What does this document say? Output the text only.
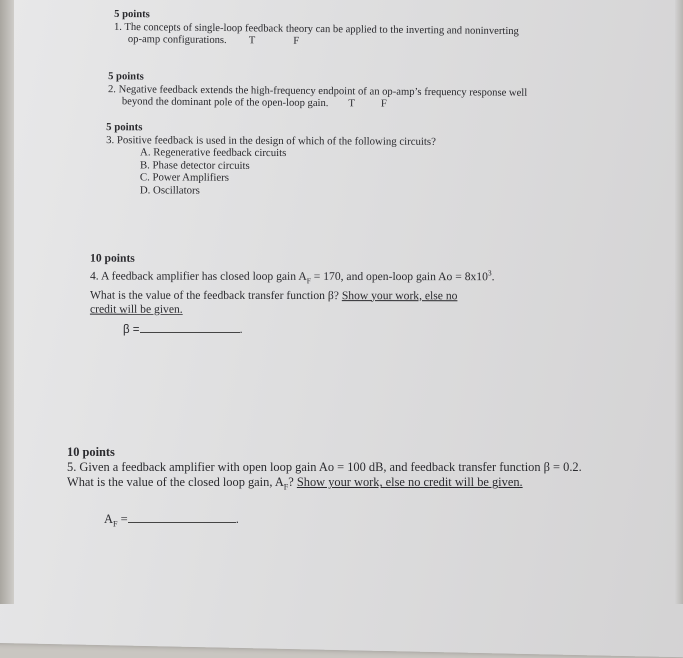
5 points
1. The concepts of single-loop feedback theory can be applied to the inverting and noninverting
op-amp configurations. T	F
5 points
2. Negative feedback extends the high-frequency endpoint of an op-amp’s frequency response well
beyond the dominant pole of the open-loop gain. T F
5 points
3. Positive feedback is used in the design of which of the following circuits?
A. Regenerative feedback circuits
B. Phase detector circuits
C. Power Amplifiers
D. Oscillators
10 points
4. A feedback amplifier has closed loop gain $A_F = 170$, and open-loop gain $Ao = 8x10^3$.
What is the value of the feedback transfer function β? Show your work, else no
credit will be given.
β =	.
10 points
5. Given a feedback amplifier with open loop gain Ao = 100 dB, and feedback transfer function β = 0.2.
What is the value of the closed loop gain, $A_F$? Show your work, else no credit will be given.
$A_F$ =	.
